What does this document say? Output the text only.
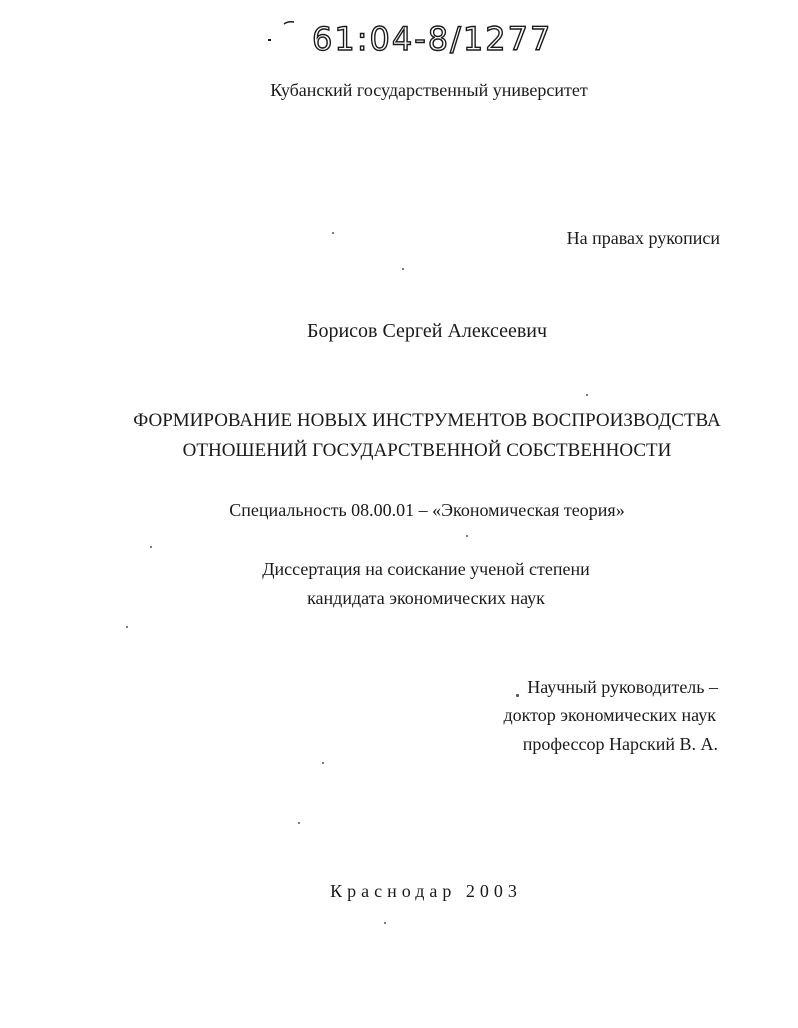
61:04-8/1277
Кубанский государственный университет
На правах рукописи
Борисов Сергей Алексеевич
ФОРМИРОВАНИЕ НОВЫХ ИНСТРУМЕНТОВ ВОСПРОИЗВОДСТВА
ОТНОШЕНИЙ ГОСУДАРСТВЕННОЙ СОБСТВЕННОСТИ
Специальность 08.00.01 – «Экономическая теория»
Диссертация на соискание ученой степени
кандидата экономических наук
Научный руководитель –
доктор экономических наук
профессор Нарский В. А.
Краснодар 2003
